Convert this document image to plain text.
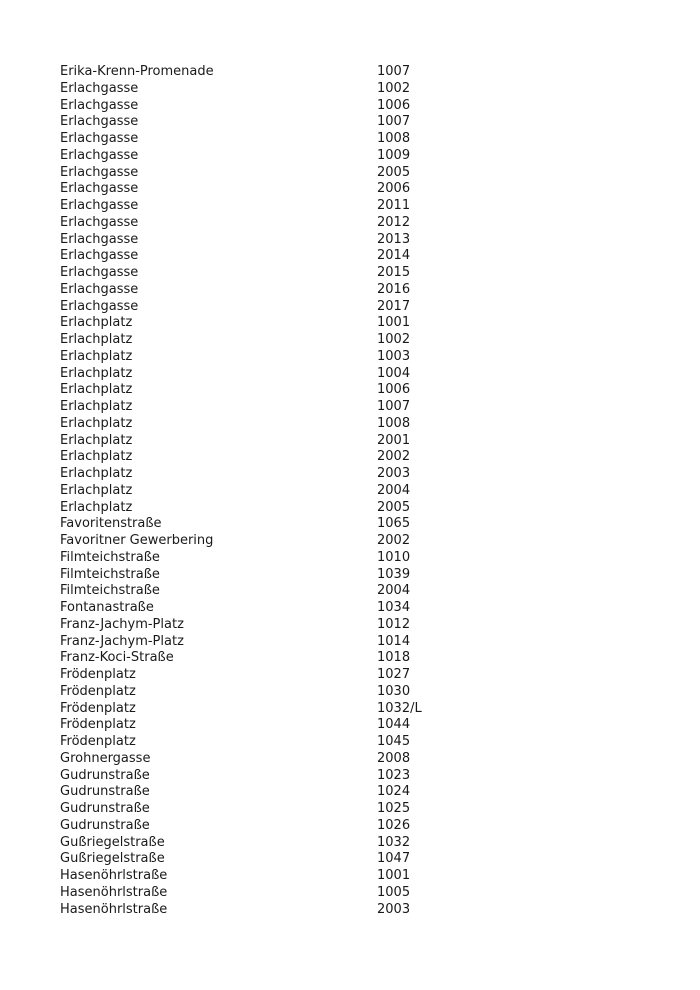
Erika-Krenn-Promenade	1007
Erlachgasse	1002
Erlachgasse	1006
Erlachgasse	1007
Erlachgasse	1008
Erlachgasse	1009
Erlachgasse	2005
Erlachgasse	2006
Erlachgasse	2011
Erlachgasse	2012
Erlachgasse	2013
Erlachgasse	2014
Erlachgasse	2015
Erlachgasse	2016
Erlachgasse	2017
Erlachplatz	1001
Erlachplatz	1002
Erlachplatz	1003
Erlachplatz	1004
Erlachplatz	1006
Erlachplatz	1007
Erlachplatz	1008
Erlachplatz	2001
Erlachplatz	2002
Erlachplatz	2003
Erlachplatz	2004
Erlachplatz	2005
Favoritenstraße	1065
Favoritner Gewerbering	2002
Filmteichstraße	1010
Filmteichstraße	1039
Filmteichstraße	2004
Fontanastraße	1034
Franz-Jachym-Platz	1012
Franz-Jachym-Platz	1014
Franz-Koci-Straße	1018
Frödenplatz	1027
Frödenplatz	1030
Frödenplatz	1032/L
Frödenplatz	1044
Frödenplatz	1045
Grohnergasse	2008
Gudrunstraße	1023
Gudrunstraße	1024
Gudrunstraße	1025
Gudrunstraße	1026
Gußriegelstraße	1032
Gußriegelstraße	1047
Hasenöhrlstraße	1001
Hasenöhrlstraße	1005
Hasenöhrlstraße	2003
